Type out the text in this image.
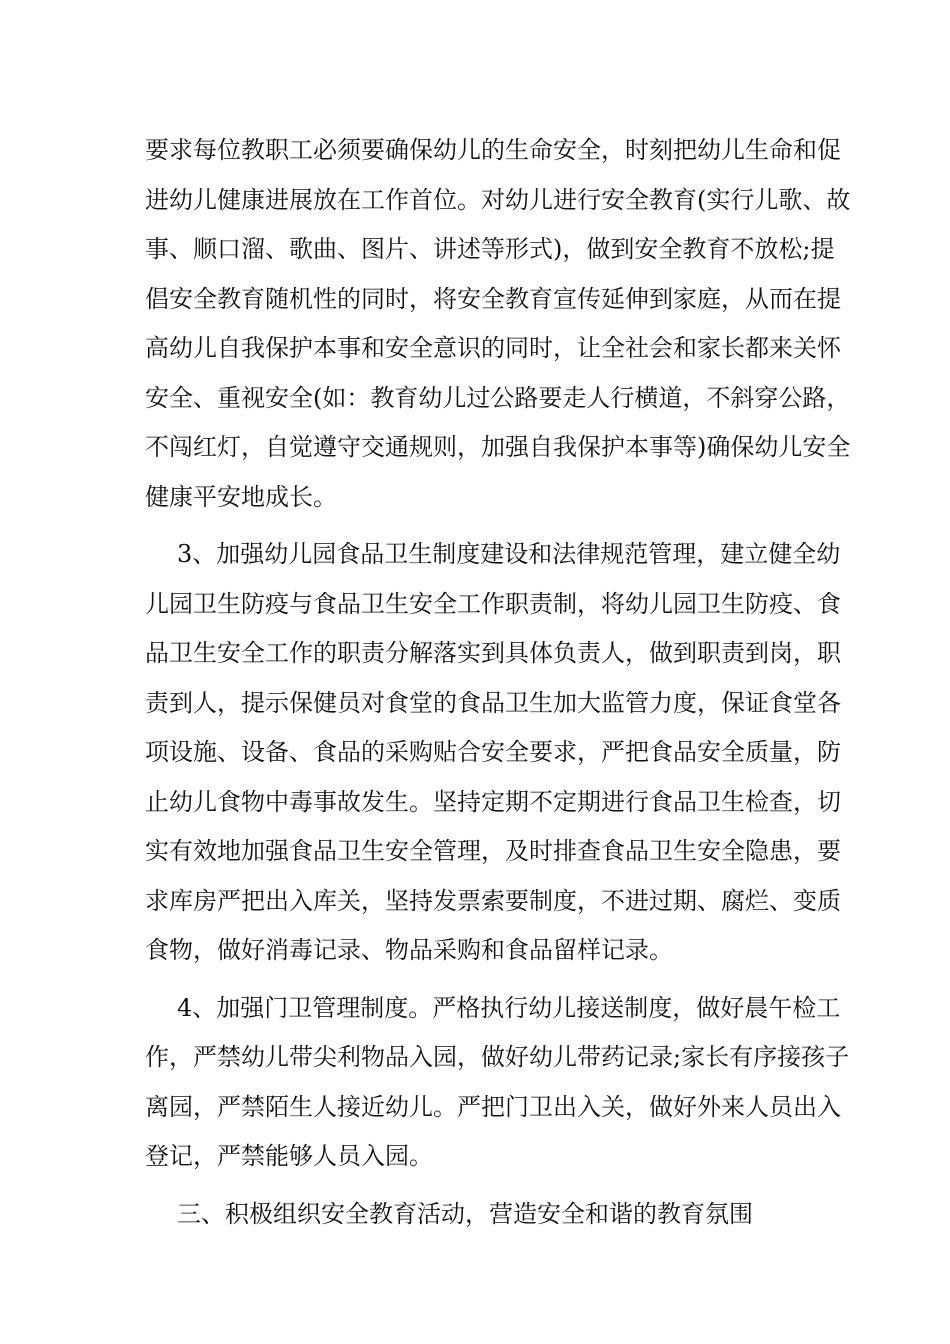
要求每位教职工必须要确保幼儿的生命安全，时刻把幼儿生命和促
进幼儿健康进展放在工作首位。对幼儿进行安全教育(实行儿歌、故
事、顺口溜、歌曲、图片、讲述等形式)，做到安全教育不放松;提
倡安全教育随机性的同时，将安全教育宣传延伸到家庭，从而在提
高幼儿自我保护本事和安全意识的同时，让全社会和家长都来关怀
安全、重视安全(如：教育幼儿过公路要走人行横道，不斜穿公路，
不闯红灯，自觉遵守交通规则，加强自我保护本事等)确保幼儿安全
健康平安地成长。
3、加强幼儿园食品卫生制度建设和法律规范管理，建立健全幼
儿园卫生防疫与食品卫生安全工作职责制，将幼儿园卫生防疫、食
品卫生安全工作的职责分解落实到具体负责人，做到职责到岗，职
责到人，提示保健员对食堂的食品卫生加大监管力度，保证食堂各
项设施、设备、食品的采购贴合安全要求，严把食品安全质量，防
止幼儿食物中毒事故发生。坚持定期不定期进行食品卫生检查，切
实有效地加强食品卫生安全管理，及时排查食品卫生安全隐患，要
求库房严把出入库关，坚持发票索要制度，不进过期、腐烂、变质
食物，做好消毒记录、物品采购和食品留样记录。
4、加强门卫管理制度。严格执行幼儿接送制度，做好晨午检工
作，严禁幼儿带尖利物品入园，做好幼儿带药记录;家长有序接孩子
离园，严禁陌生人接近幼儿。严把门卫出入关，做好外来人员出入
登记，严禁能够人员入园。
三、积极组织安全教育活动，营造安全和谐的教育氛围
